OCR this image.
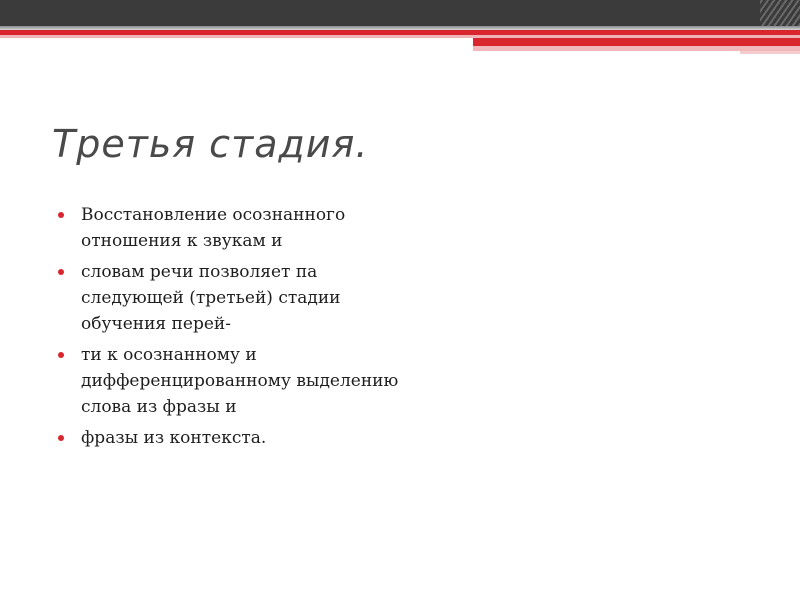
Третья стадия.
Восстановление осознанного отношения к звукам и
словам речи позволяет па следующей (третьей) стадии обучения перей-
ти к осознанному и дифференцированному выделению слова из фразы и
фразы из контекста.
